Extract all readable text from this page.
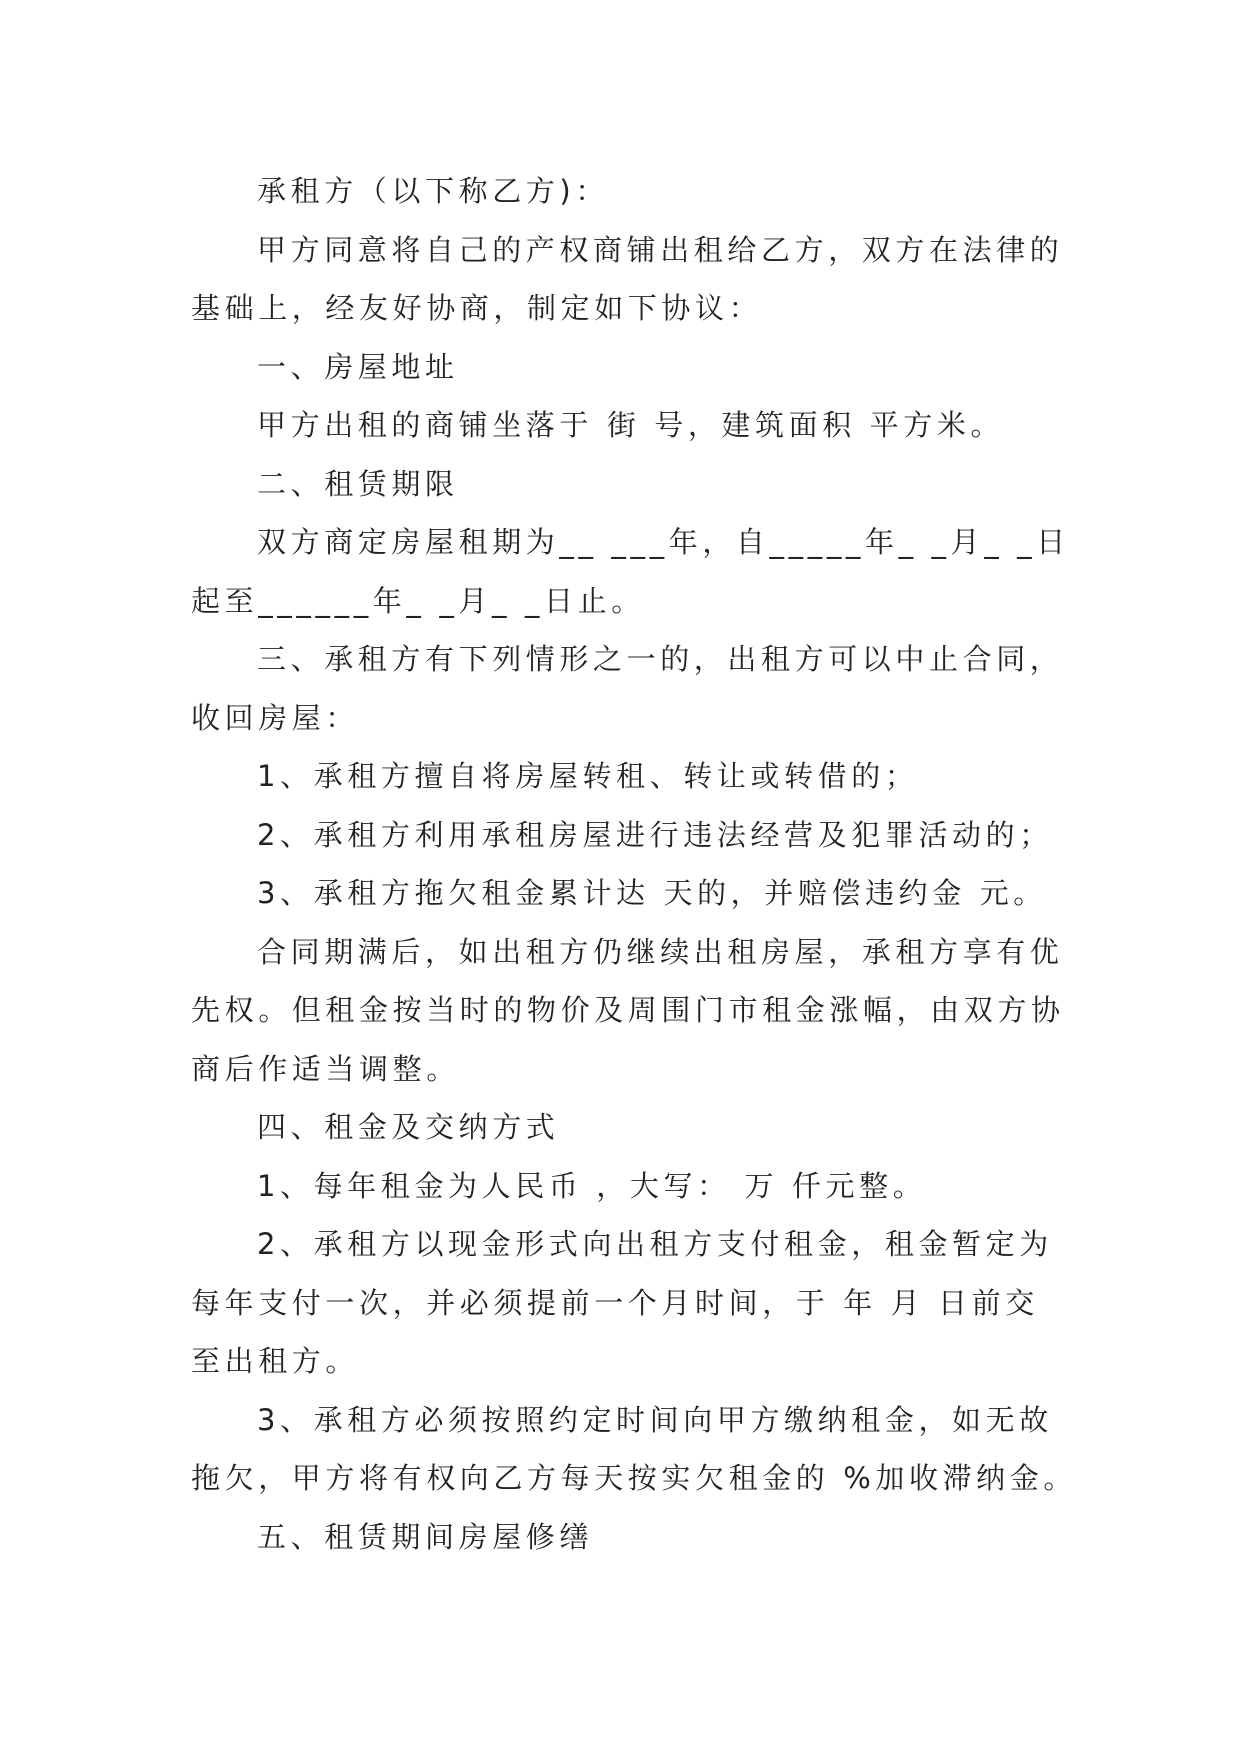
承租方（以下称乙方)：
甲方同意将自己的产权商铺出租给乙方，双方在法律的
基础上，经友好协商，制定如下协议：
一、房屋地址
甲方出租的商铺坐落于 街 号，建筑面积 平方米。
二、租赁期限
双方商定房屋租期为__ ___年，自_____年_ _月_ _日
起至______年_ _月_ _日止。
三、承租方有下列情形之一的，出租方可以中止合同，
收回房屋：
1、承租方擅自将房屋转租、转让或转借的；
2、承租方利用承租房屋进行违法经营及犯罪活动的；
3、承租方拖欠租金累计达 天的，并赔偿违约金 元。
合同期满后，如出租方仍继续出租房屋，承租方享有优
先权。但租金按当时的物价及周围门市租金涨幅，由双方协
商后作适当调整。
四、租金及交纳方式
1、每年租金为人民币 ，大写： 万 仟元整。
2、承租方以现金形式向出租方支付租金，租金暂定为
每年支付一次，并必须提前一个月时间，于 年 月 日前交
至出租方。
3、承租方必须按照约定时间向甲方缴纳租金，如无故
拖欠，甲方将有权向乙方每天按实欠租金的 %加收滞纳金。
五、租赁期间房屋修缮
